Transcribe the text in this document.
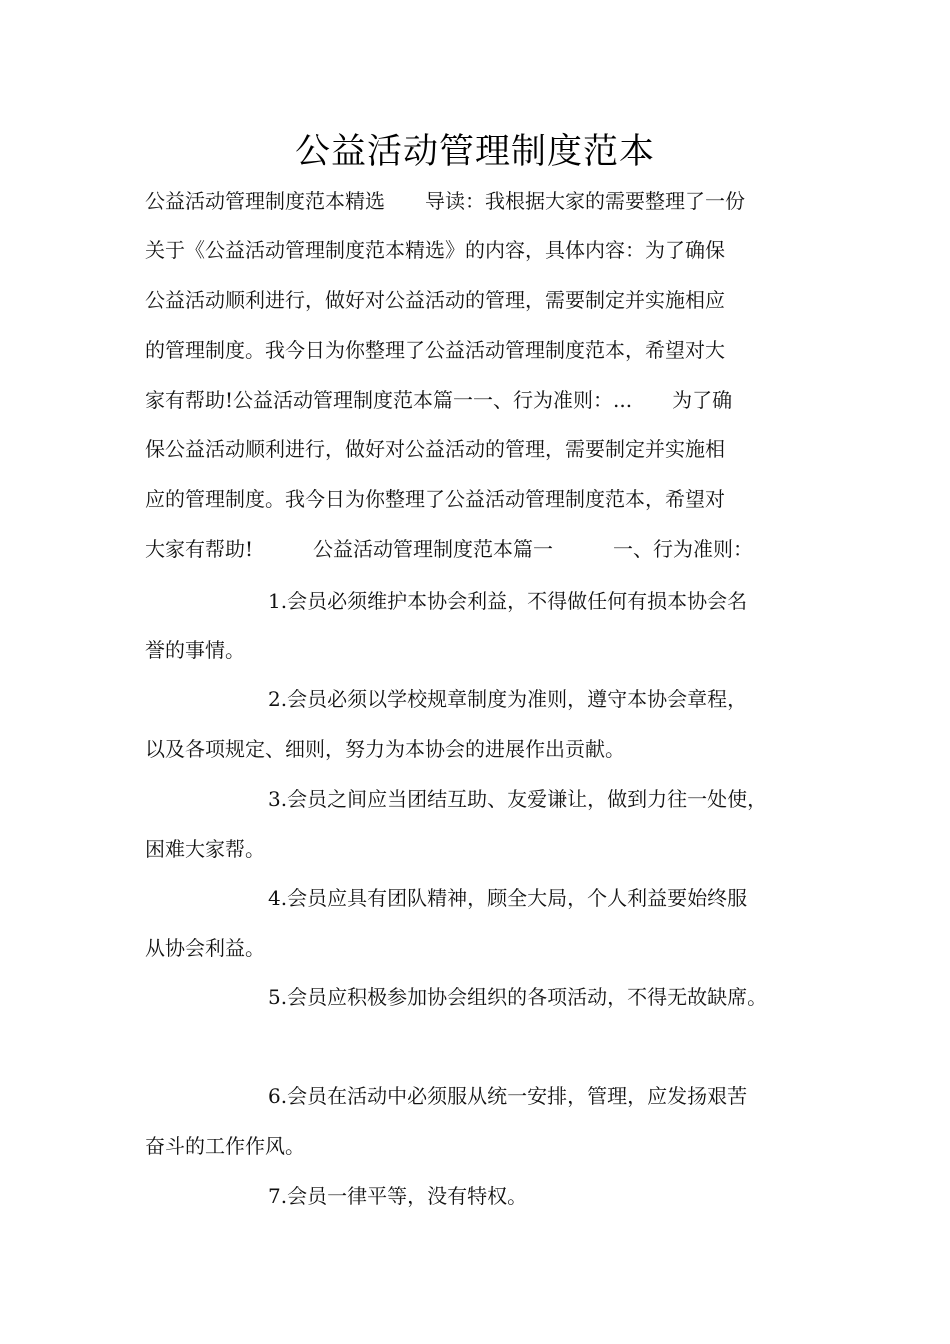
公益活动管理制度范本
公益活动管理制度范本精选　　导读：我根据大家的需要整理了一份
关于《公益活动管理制度范本精选》的内容，具体内容：为了确保
公益活动顺利进行，做好对公益活动的管理，需要制定并实施相应
的管理制度。我今日为你整理了公益活动管理制度范本，希望对大
家有帮助!公益活动管理制度范本篇一一、行为准则：...　　为了确
保公益活动顺利进行，做好对公益活动的管理，需要制定并实施相
应的管理制度。我今日为你整理了公益活动管理制度范本，希望对
大家有帮助!　　　公益活动管理制度范本篇一　　　一、行为准则：
1.会员必须维护本协会利益，不得做任何有损本协会名
誉的事情。
2.会员必须以学校规章制度为准则，遵守本协会章程，
以及各项规定、细则，努力为本协会的进展作出贡献。
3.会员之间应当团结互助、友爱谦让，做到力往一处使，
困难大家帮。
4.会员应具有团队精神，顾全大局，个人利益要始终服
从协会利益。
5.会员应积极参加协会组织的各项活动，不得无故缺席。
6.会员在活动中必须服从统一安排，管理，应发扬艰苦
奋斗的工作作风。
7.会员一律平等，没有特权。
